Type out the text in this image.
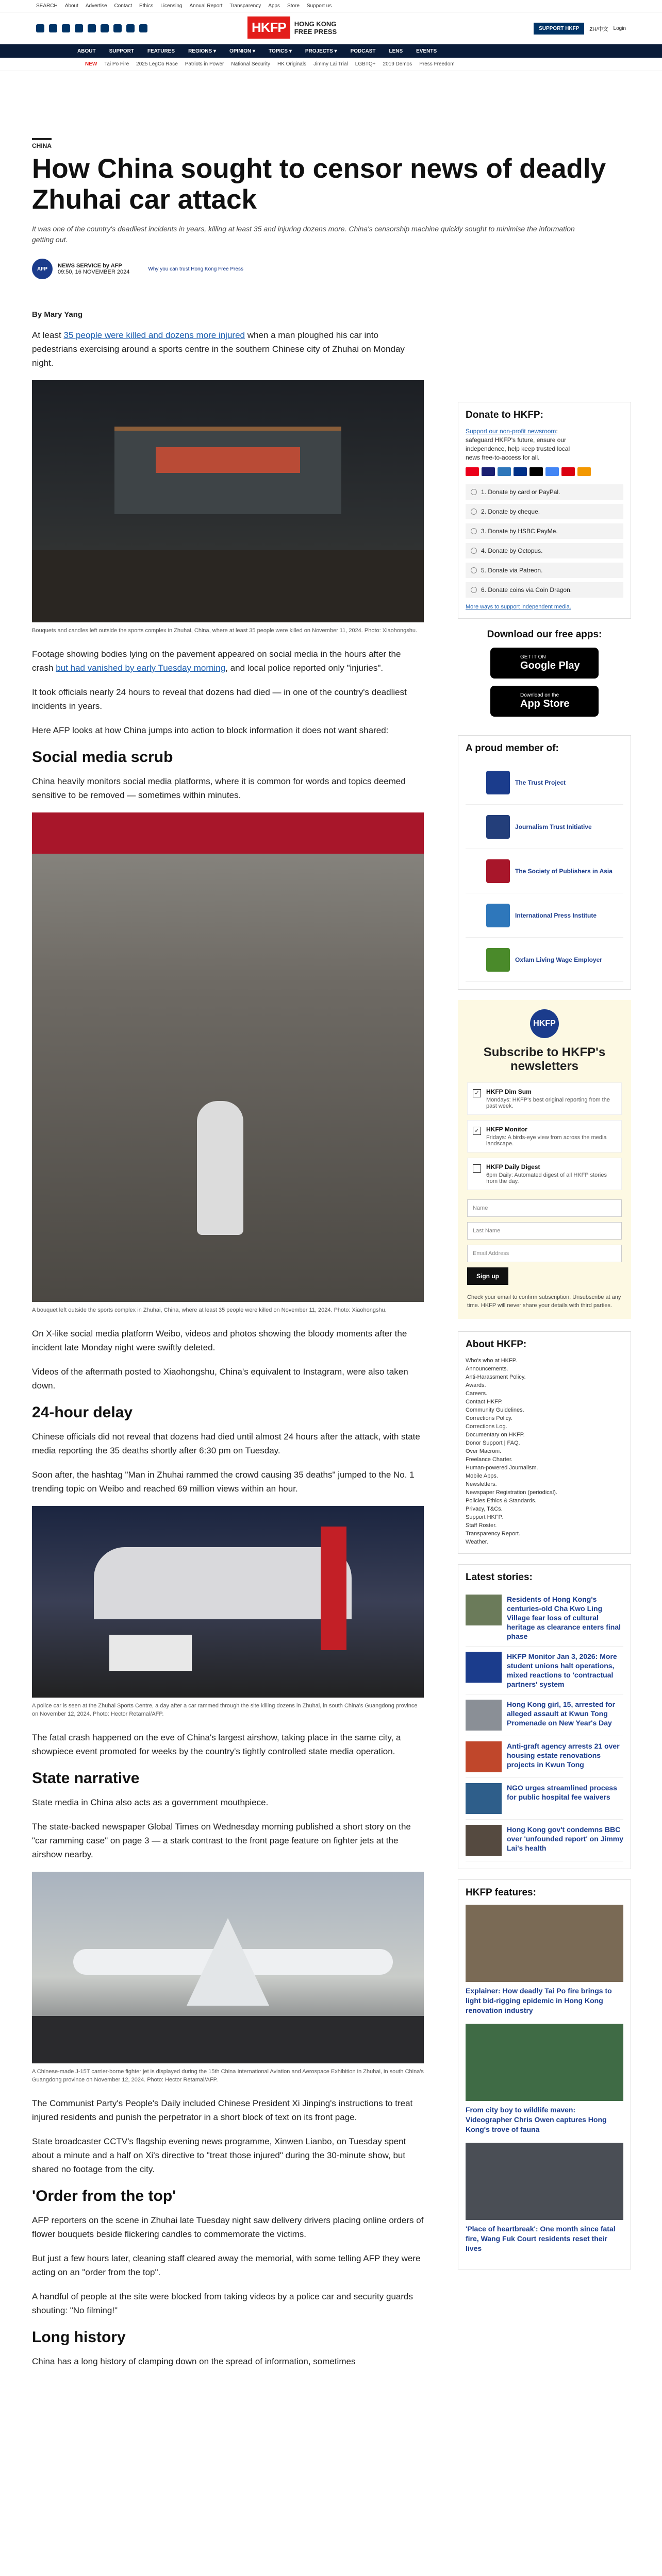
SEARCH About Advertise Contact Ethics Licensing Annual Report Transparency Apps Store Support us
HKFP	HONG KONG
FREE PRESS	SUPPORT HKFP	ZH/中文 Login
ABOUT	SUPPORT	FEATURES	REGIONS ▾	OPINION ▾	TOPICS ▾	PROJECTS ▾	PODCAST	LENS	EVENTS
NEW Tai Po Fire 2025 LegCo Race Patriots in Power National Security HK Originals Jimmy Lai Trial LGBTQ+ 2019 Demos Press Freedom
CHINA
How China sought to censor news of deadly Zhuhai car attack
It was one of the country's deadliest incidents in years, killing at least 35 and injuring dozens more. China's censorship machine quickly sought to minimise the information getting out.
AFP	NEWS SERVICE by AFP
09:50, 16 NOVEMBER 2024	Why you can trust Hong Kong Free Press
By Mary Yang

At least 35 people were killed and dozens more injured when a man ploughed his car into pedestrians exercising around a sports centre in the southern Chinese city of Zhuhai on Monday night.

Bouquets and candles left outside the sports complex in Zhuhai, China, where at least 35 people were killed on November 11, 2024. Photo: Xiaohongshu.

Footage showing bodies lying on the pavement appeared on social media in the hours after the crash but had vanished by early Tuesday morning, and local police reported only "injuries".

It took officials nearly 24 hours to reveal that dozens had died — in one of the country's deadliest incidents in years.

Here AFP looks at how China jumps into action to block information it does not want shared:

Social media scrub

China heavily monitors social media platforms, where it is common for words and topics deemed sensitive to be removed — sometimes within minutes.

A bouquet left outside the sports complex in Zhuhai, China, where at least 35 people were killed on November 11, 2024. Photo: Xiaohongshu.

On X-like social media platform Weibo, videos and photos showing the bloody moments after the incident late Monday night were swiftly deleted.

Videos of the aftermath posted to Xiaohongshu, China's equivalent to Instagram, were also taken down.

24-hour delay

Chinese officials did not reveal that dozens had died until almost 24 hours after the attack, with state media reporting the 35 deaths shortly after 6:30 pm on Tuesday.

Soon after, the hashtag "Man in Zhuhai rammed the crowd causing 35 deaths" jumped to the No. 1 trending topic on Weibo and reached 69 million views within an hour.

A police car is seen at the Zhuhai Sports Centre, a day after a car rammed through the site killing dozens in Zhuhai, in south China's Guangdong province on November 12, 2024. Photo: Hector Retamal/AFP.

The fatal crash happened on the eve of China's largest airshow, taking place in the same city, a showpiece event promoted for weeks by the country's tightly controlled state media operation.

State narrative

State media in China also acts as a government mouthpiece.

The state-backed newspaper Global Times on Wednesday morning published a short story on the "car ramming case" on page 3 — a stark contrast to the front page feature on fighter jets at the airshow nearby.

A Chinese-made J-15T carrier-borne fighter jet is displayed during the 15th China International Aviation and Aerospace Exhibition in Zhuhai, in south China's Guangdong province on November 12, 2024. Photo: Hector Retamal/AFP.

The Communist Party's People's Daily included Chinese President Xi Jinping's instructions to treat injured residents and punish the perpetrator in a short block of text on its front page.

State broadcaster CCTV's flagship evening news programme, Xinwen Lianbo, on Tuesday spent about a minute and a half on Xi's directive to "treat those injured" during the 30-minute show, but shared no footage from the city.

'Order from the top'

AFP reporters on the scene in Zhuhai late Tuesday night saw delivery drivers placing online orders of flower bouquets beside flickering candles to commemorate the victims.

But just a few hours later, cleaning staff cleared away the memorial, with some telling AFP they were acting on an "order from the top".

A handful of people at the site were blocked from taking videos by a police car and security guards shouting: "No filming!"

Long history

China has a long history of clamping down on the spread of information, sometimes

Donate to HKFP:
Support our non-profit newsroom: safeguard HKFP's future, ensure our independence, help keep trusted local news free-to-access for all.
1. Donate by card or PayPal.
2. Donate by cheque.
3. Donate by HSBC PayMe.
4. Donate by Octopus.
5. Donate via Patreon.
6. Donate coins via Coin Dragon.
More ways to support independent media.
Download our free apps:
GET IT ON
Google Play
Download on the
App Store
A proud member of:
The Trust Project
Journalism Trust Initiative
The Society of Publishers in Asia
International Press Institute
Oxfam Living Wage Employer
HKFP
Subscribe to HKFP's newsletters
✓ HKFP Dim Sum
Mondays: HKFP's best original reporting from the past week.
✓ HKFP Monitor
Fridays: A birds-eye view from across the media landscape.
HKFP Daily Digest
6pm Daily: Automated digest of all HKFP stories from the day.
Name
Last Name
Email Address
Sign up
Check your email to confirm subscription. Unsubscribe at any time. HKFP will never share your details with third parties.
About HKFP:
Who's who at HKFP.
Announcements.
Anti-Harassment Policy.
Awards.
Careers.
Contact HKFP.
Community Guidelines.
Corrections Policy.
Corrections Log.
Documentary on HKFP.
Donor Support | FAQ.
Over Macroni.
Freelance Charter.
Human-powered Journalism.
Mobile Apps.
Newsletters.
Newspaper Registration (periodical).
Policies Ethics & Standards.
Privacy, T&Cs.
Support HKFP.
Staff Roster.
Transparency Report.
Weather.
Latest stories:
Residents of Hong Kong's centuries-old Cha Kwo Ling Village fear loss of cultural heritage as clearance enters final phase
HKFP Monitor Jan 3, 2026: More student unions halt operations, mixed reactions to 'contractual partners' system
Hong Kong girl, 15, arrested for alleged assault at Kwun Tong Promenade on New Year's Day
Anti-graft agency arrests 21 over housing estate renovations projects in Kwun Tong
NGO urges streamlined process for public hospital fee waivers
Hong Kong gov't condemns BBC over 'unfounded report' on Jimmy Lai's health
HKFP features:
Explainer: How deadly Tai Po fire brings to light bid-rigging epidemic in Hong Kong renovation industry
From city boy to wildlife maven: Videographer Chris Owen captures Hong Kong's trove of fauna
'Place of heartbreak': One month since fatal fire, Wang Fuk Court residents reset their lives
